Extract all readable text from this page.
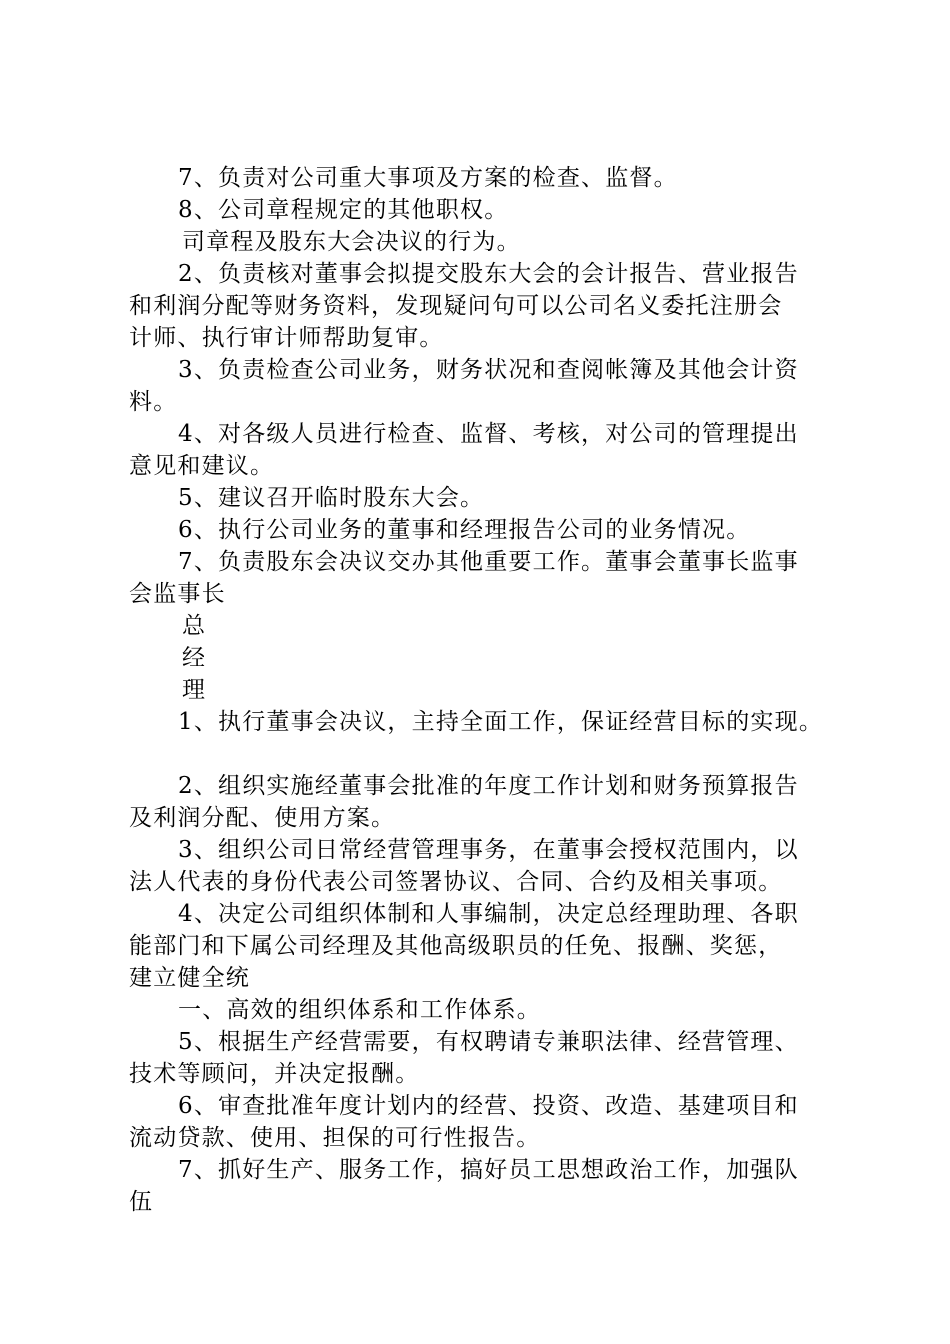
7、负责对公司重大事项及方案的检查、监督。
8、公司章程规定的其他职权。
司章程及股东大会决议的行为。
2、负责核对董事会拟提交股东大会的会计报告、营业报告
和利润分配等财务资料，发现疑问句可以公司名义委托注册会
计师、执行审计师帮助复审。
3、负责检查公司业务，财务状况和查阅帐簿及其他会计资
料。
4、对各级人员进行检查、监督、考核，对公司的管理提出
意见和建议。
5、建议召开临时股东大会。
6、执行公司业务的董事和经理报告公司的业务情况。
7、负责股东会决议交办其他重要工作。董事会董事长监事
会监事长
总
经
理
1、执行董事会决议，主持全面工作，保证经营目标的实现。
2、组织实施经董事会批准的年度工作计划和财务预算报告
及利润分配、使用方案。
3、组织公司日常经营管理事务，在董事会授权范围内，以
法人代表的身份代表公司签署协议、合同、合约及相关事项。
4、决定公司组织体制和人事编制，决定总经理助理、各职
能部门和下属公司经理及其他高级职员的任免、报酬、奖惩，
建立健全统
一、高效的组织体系和工作体系。
5、根据生产经营需要，有权聘请专兼职法律、经营管理、
技术等顾问，并决定报酬。
6、审查批准年度计划内的经营、投资、改造、基建项目和
流动贷款、使用、担保的可行性报告。
7、抓好生产、服务工作，搞好员工思想政治工作，加强队
伍
